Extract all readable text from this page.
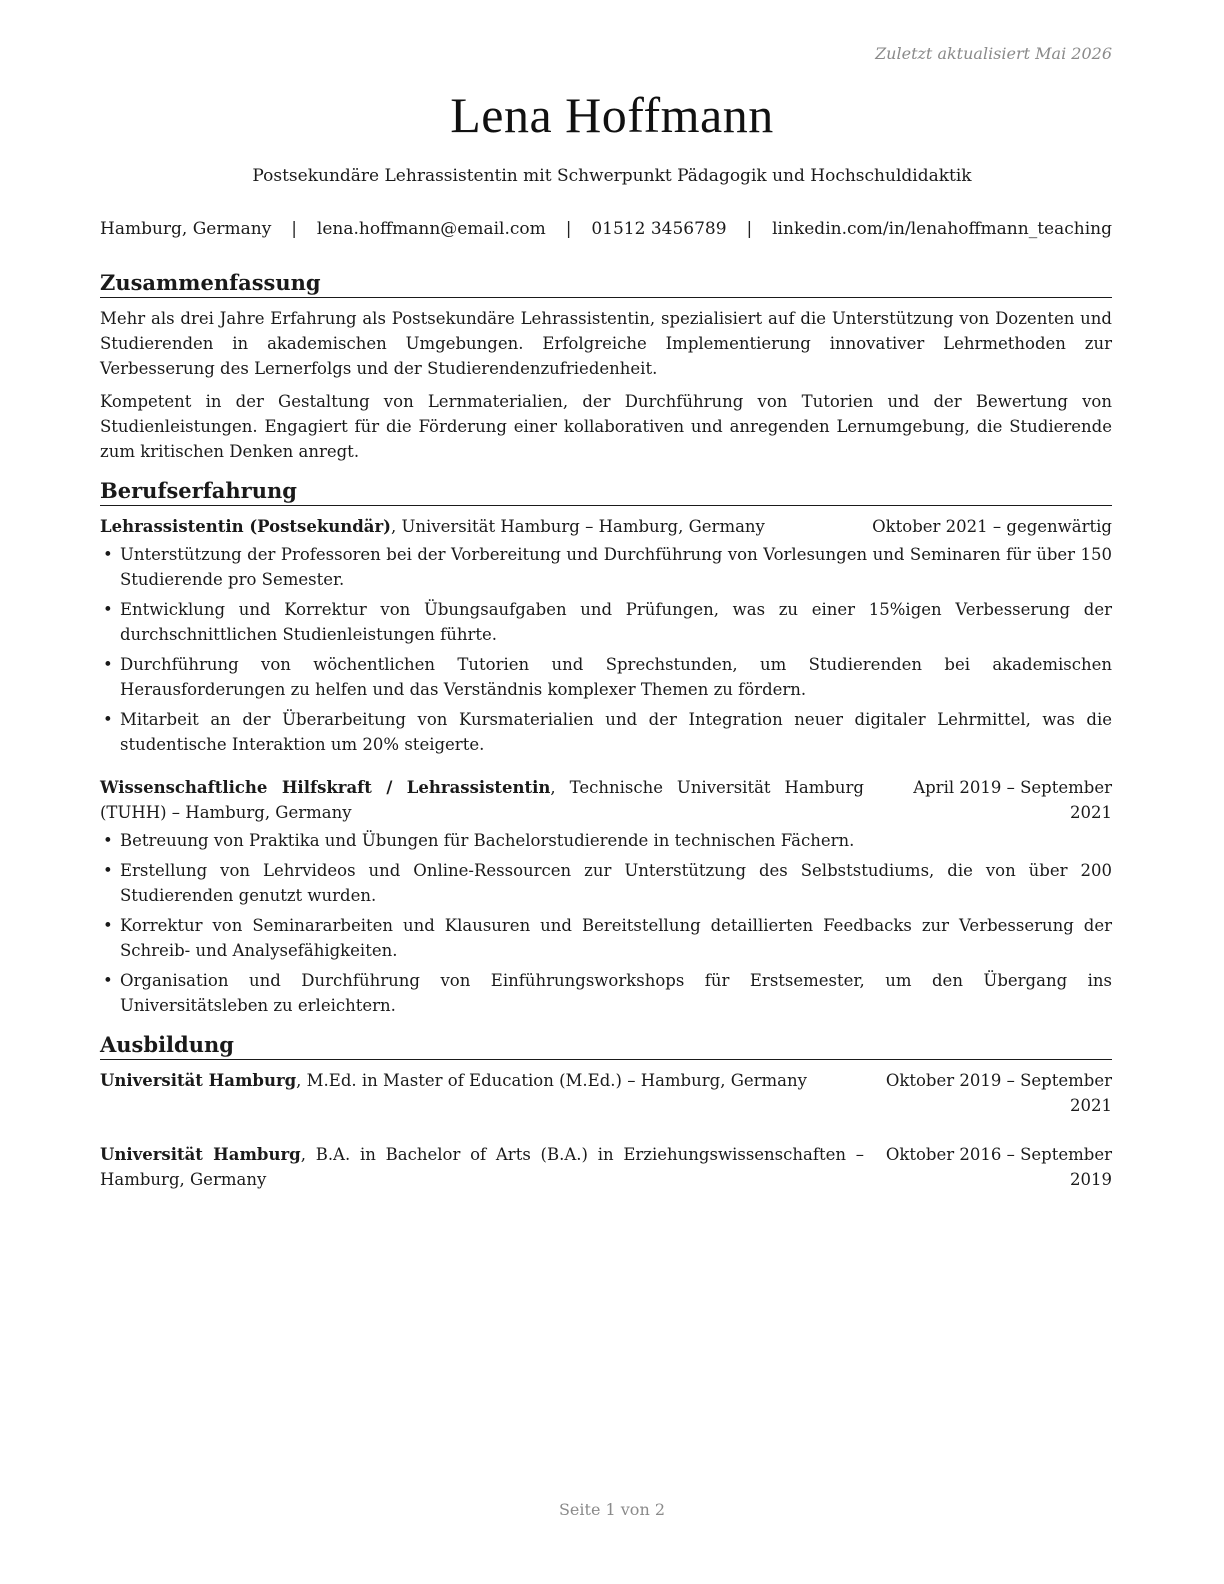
Zuletzt aktualisiert Mai 2026
Lena Hoffmann
Postsekundäre Lehrassistentin mit Schwerpunkt Pädagogik und Hochschuldidaktik
Hamburg, Germany | lena.hoffmann@email.com | 01512 3456789 | linkedin.com/in/lenahoffmann_teaching
Zusammenfassung

Mehr als drei Jahre Erfahrung als Postsekundäre Lehrassistentin, spezialisiert auf die Unterstützung von Dozenten und Studierenden in akademischen Umgebungen. Erfolgreiche Implementierung innovativer Lehrmethoden zur Verbesserung des Lernerfolgs und der Studierendenzufriedenheit.

Kompetent in der Gestaltung von Lernmaterialien, der Durchführung von Tutorien und der Bewertung von Studienleistungen. Engagiert für die Förderung einer kollaborativen und anregenden Lernumgebung, die Studierende zum kritischen Denken anregt.

Berufserfahrung
Lehrassistentin (Postsekundär), Universität Hamburg – Hamburg, Germany	Oktober 2021 – gegenwärtig
• Unterstützung der Professoren bei der Vorbereitung und Durchführung von Vorlesungen und Seminaren für über 150 Studierende pro Semester.
• Entwicklung und Korrektur von Übungsaufgaben und Prüfungen, was zu einer 15%igen Verbesserung der durchschnittlichen Studienleistungen führte.
• Durchführung von wöchentlichen Tutorien und Sprechstunden, um Studierenden bei akademischen Herausforderungen zu helfen und das Verständnis komplexer Themen zu fördern.
• Mitarbeit an der Überarbeitung von Kursmaterialien und der Integration neuer digitaler Lehrmittel, was die studentische Interaktion um 20% steigerte.
Wissenschaftliche Hilfskraft / Lehrassistentin, Technische Universität Hamburg (TUHH) – Hamburg, Germany
April 2019 – September 2021
• Betreuung von Praktika und Übungen für Bachelorstudierende in technischen Fächern.
• Erstellung von Lehrvideos und Online-Ressourcen zur Unterstützung des Selbststudiums, die von über 200 Studierenden genutzt wurden.
• Korrektur von Seminararbeiten und Klausuren und Bereitstellung detaillierten Feedbacks zur Verbesserung der Schreib- und Analysefähigkeiten.
• Organisation und Durchführung von Einführungsworkshops für Erstsemester, um den Übergang ins Universitätsleben zu erleichtern.
Ausbildung
Universität Hamburg, M.Ed. in Master of Education (M.Ed.) – Hamburg, Germany	Oktober 2019 – September 2021
Universität Hamburg, B.A. in Bachelor of Arts (B.A.) in Erziehungswissenschaften – Hamburg, Germany
Oktober 2016 – September 2019
Seite 1 von 2
